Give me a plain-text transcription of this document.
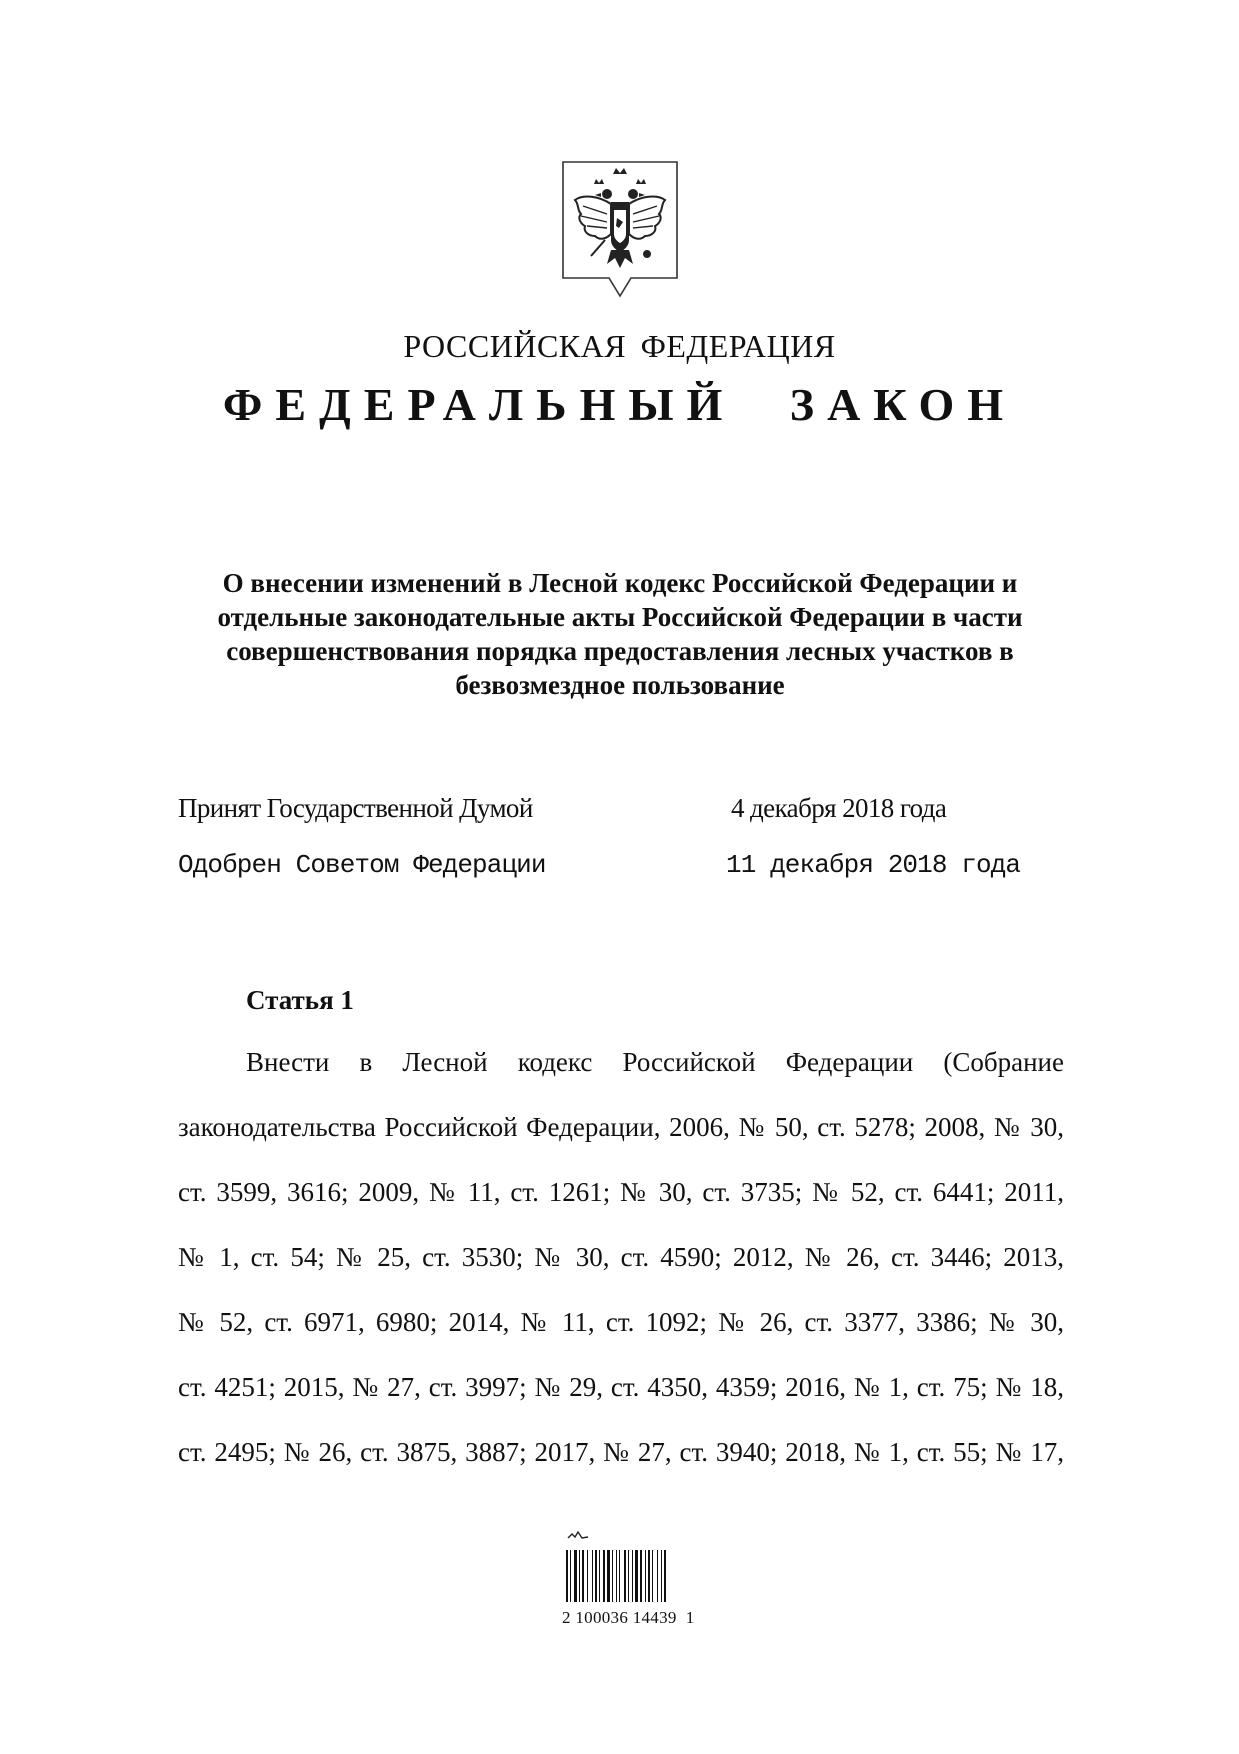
РОССИЙСКАЯ ФЕДЕРАЦИЯ
ФЕДЕРАЛЬНЫЙ ЗАКОН
О внесении изменений в Лесной кодекс Российской Федерации и
отдельные законодательные акты Российской Федерации в части
совершенствования порядка предоставления лесных участков в
безвозмездное пользование
Принят Государственной Думой	4 декабря 2018 года
Одобрен Советом Федерации	11 декабря 2018 года
Статья 1
Внести в Лесной кодекс Российской Федерации (Собрание
законодательства Российской Федерации, 2006, № 50, ст. 5278; 2008, № 30,
ст. 3599, 3616; 2009, № 11, ст. 1261; № 30, ст. 3735; № 52, ст. 6441; 2011,
№ 1, ст. 54; № 25, ст. 3530; № 30, ст. 4590; 2012, № 26, ст. 3446; 2013,
№ 52, ст. 6971, 6980; 2014, № 11, ст. 1092; № 26, ст. 3377, 3386; № 30,
ст. 4251; 2015, № 27, ст. 3997; № 29, ст. 4350, 4359; 2016, № 1, ст. 75; № 18,
ст. 2495; № 26, ст. 3875, 3887; 2017, № 27, ст. 3940; 2018, № 1, ст. 55; № 17,
2 100036 14439  1
